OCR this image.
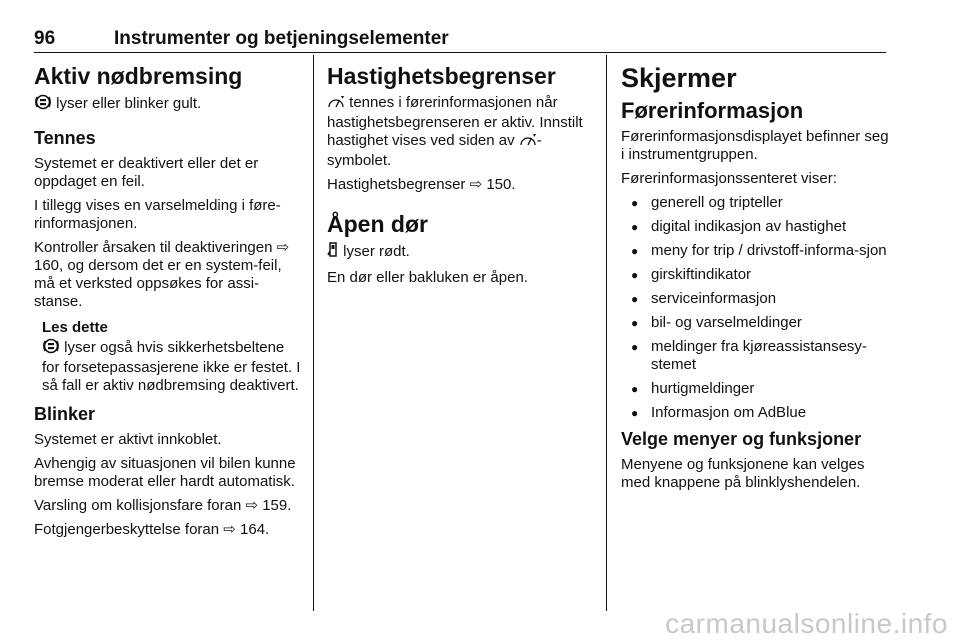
96	Instrumenter og betjeningselementer
Aktiv nødbremsing

lyser eller blinker gult.

Tennes

Systemet er deaktivert eller det er oppdaget en feil.

I tillegg vises en varselmelding i føre-rinformasjonen.

Kontroller årsaken til deaktiveringen ⇨ 160, og dersom det er en system-feil, må et verksted oppsøkes for assi-stanse.

Les dette

lyser også hvis sikkerhetsbeltene for forsetepassasjerene ikke er festet. I så fall er aktiv nødbremsing deaktivert.

Blinker

Systemet er aktivt innkoblet.

Avhengig av situasjonen vil bilen kunne bremse moderat eller hardt automatisk.

Varsling om kollisjonsfare foran ⇨ 159.

Fotgjengerbeskyttelse foran ⇨ 164.

Hastighetsbegrenser

tennes i førerinformasjonen når hastighetsbegrenseren er aktiv. Innstilt hastighet vises ved siden av -symbolet.

Hastighetsbegrenser ⇨ 150.

Åpen dør

lyser rødt.

En dør eller bakluken er åpen.

Skjermer
Førerinformasjon

Førerinformasjonsdisplayet befinner seg i instrumentgruppen.

Førerinformasjonssenteret viser:

● generell og tripteller
● digital indikasjon av hastighet
● meny for trip / drivstoff-informa-sjon
● girskiftindikator
● serviceinformasjon
● bil- og varselmeldinger
● meldinger fra kjøreassistansesy-stemet
● hurtigmeldinger
● Informasjon om AdBlue
Velge menyer og funksjoner

Menyene og funksjonene kan velges med knappene på blinklyshendelen.

carmanualsonline.info
